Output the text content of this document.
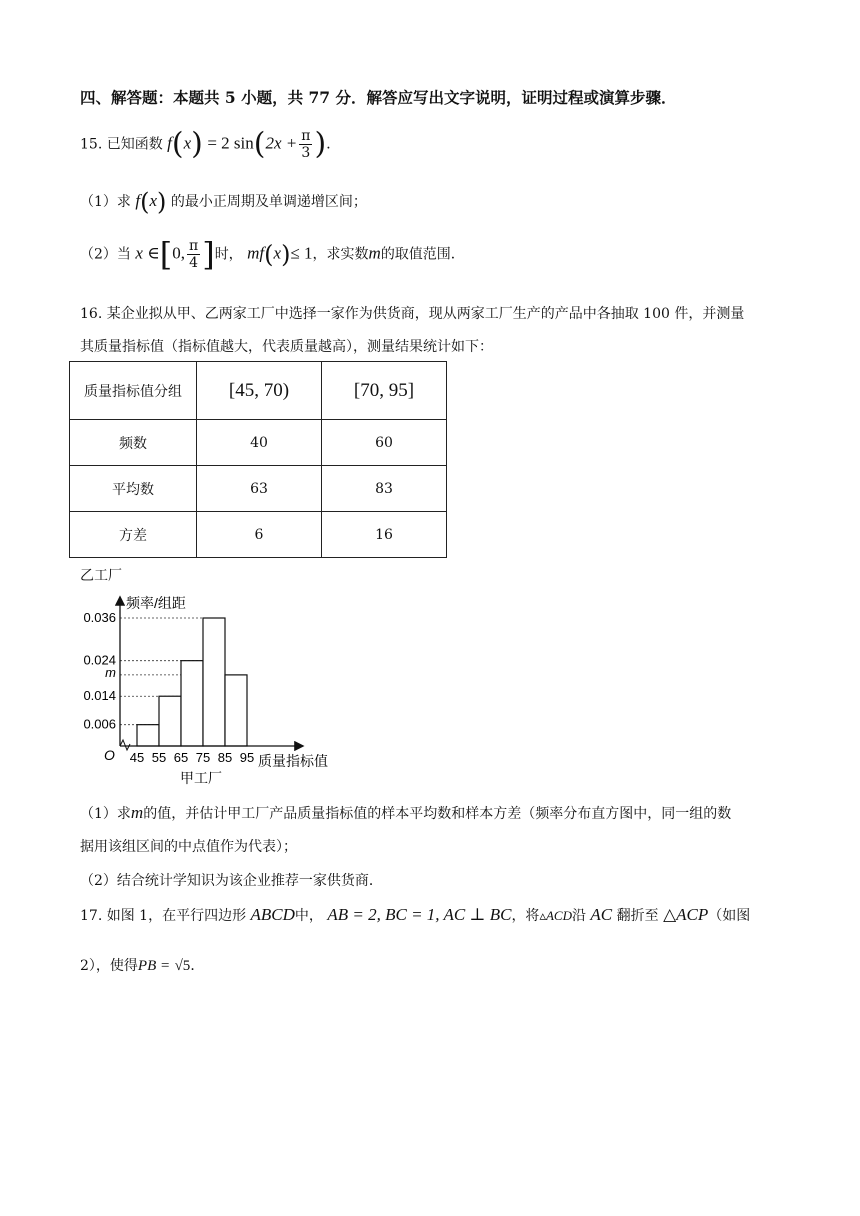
四、解答题：本题共 5 小题，共 77 分．解答应写出文字说明，证明过程或演算步骤．
15. 已知函数 f(x) = 2 $\sin(2x + \frac{\pi}{3}$ )．
（1）求 f(x) 的最小正周期及单调递增区间；
（2）当 x ∈[0, $\frac{\pi}{4}$ ]时， mf(x)≤ 1，求实数m的取值范围．
16. 某企业拟从甲、乙两家工厂中选择一家作为供货商，现从两家工厂生产的产品中各抽取 100 件，并测量
其质量指标值（指标值越大，代表质量越高），测量结果统计如下：
质量指标值分组	[45, 70)	[70, 95]
频数	40	60
平均数	63	83
方差	6	16
乙工厂
0.006
0.014
0.024
0.036
m
45 55 65 75 85 95
频率/组距
O	质量指标值
甲工厂
（1）求m的值，并估计甲工厂产品质量指标值的样本平均数和样本方差（频率分布直方图中，同一组的数
据用该组区间的中点值作为代表）；
（2）结合统计学知识为该企业推荐一家供货商．
17. 如图 1，在平行四边形 ABCD中， AB = 2, BC = 1, AC ⊥ BC，将▵ACD沿 AC 翻折至 △ACP（如图
2），使得PB = √5．
